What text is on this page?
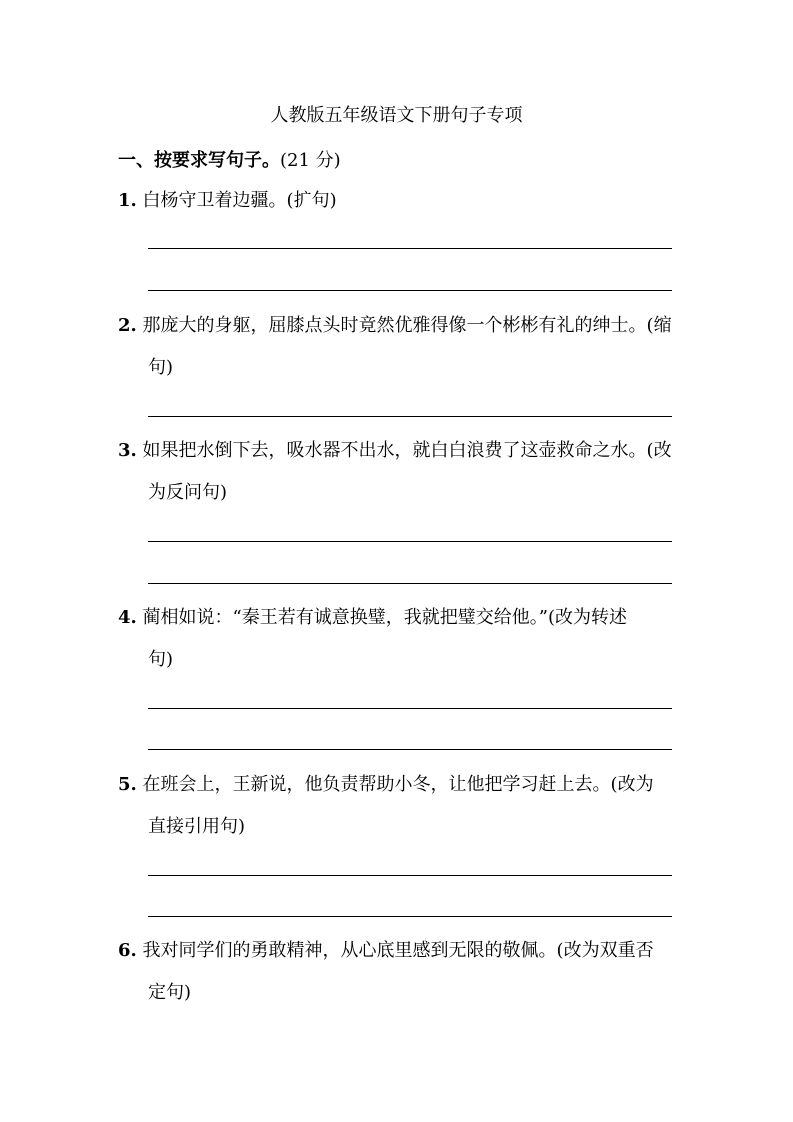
人教版五年级语文下册句子专项
一、按要求写句子。(21 分)
1. 白杨守卫着边疆。(扩句)
2. 那庞大的身躯，屈膝点头时竟然优雅得像一个彬彬有礼的绅士。(缩
句)
3. 如果把水倒下去，吸水器不出水，就白白浪费了这壶救命之水。(改
为反问句)
4. 蔺相如说：“秦王若有诚意换璧，我就把璧交给他。”(改为转述
句)
5. 在班会上，王新说，他负责帮助小冬，让他把学习赶上去。(改为
直接引用句)
6. 我对同学们的勇敢精神，从心底里感到无限的敬佩。(改为双重否
定句)
